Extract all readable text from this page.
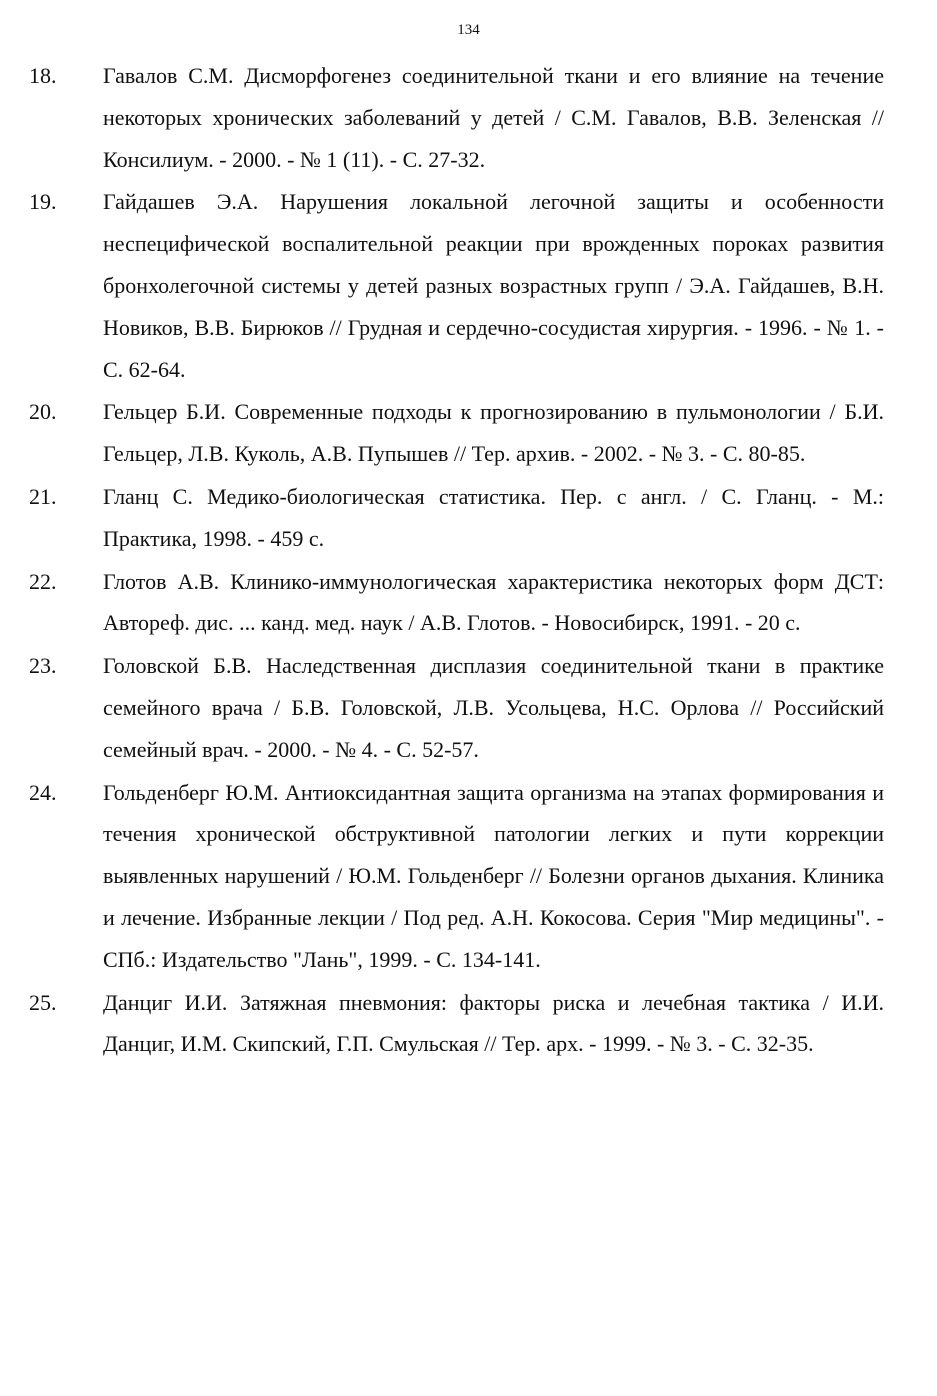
134
18. Гавалов С.М. Дисморфогенез соединительной ткани и его влияние на течение некоторых хронических заболеваний у детей / С.М. Гавалов, В.В. Зеленская // Консилиум. - 2000. - № 1 (11). - С. 27-32.
19. Гайдашев Э.А. Нарушения локальной легочной защиты и особенности неспецифической воспалительной реакции при врожденных пороках развития бронхолегочной системы у детей разных возрастных групп / Э.А. Гайдашев, В.Н. Новиков, В.В. Бирюков // Грудная и сердечно-сосудистая хирургия. - 1996. - № 1. - С. 62-64.
20. Гельцер Б.И. Современные подходы к прогнозированию в пульмонологии / Б.И. Гельцер, Л.В. Куколь, А.В. Пупышев // Тер. архив. - 2002. - № 3. - С. 80-85.
21. Гланц С. Медико-биологическая статистика. Пер. с англ. / С. Гланц. - М.: Практика, 1998. - 459 с.
22. Глотов А.В. Клинико-иммунологическая характеристика некоторых форм ДСТ: Автореф. дис. ... канд. мед. наук / А.В. Глотов. - Новосибирск, 1991. - 20 с.
23. Головской Б.В. Наследственная дисплазия соединительной ткани в практике семейного врача / Б.В. Головской, Л.В. Усольцева, Н.С. Орлова // Российский семейный врач. - 2000. - № 4. - С. 52-57.
24. Гольденберг Ю.М. Антиоксидантная защита организма на этапах формирования и течения хронической обструктивной патологии легких и пути коррекции выявленных нарушений / Ю.М. Гольденберг // Болезни органов дыхания. Клиника и лечение. Избранные лекции / Под ред. А.Н. Кокосова. Серия "Мир медицины". - СПб.: Издательство "Лань", 1999. - С. 134-141.
25. Данциг И.И. Затяжная пневмония: факторы риска и лечебная тактика / И.И. Данциг, И.М. Скипский, Г.П. Смульская // Тер. арх. - 1999. - № 3. - С. 32-35.
